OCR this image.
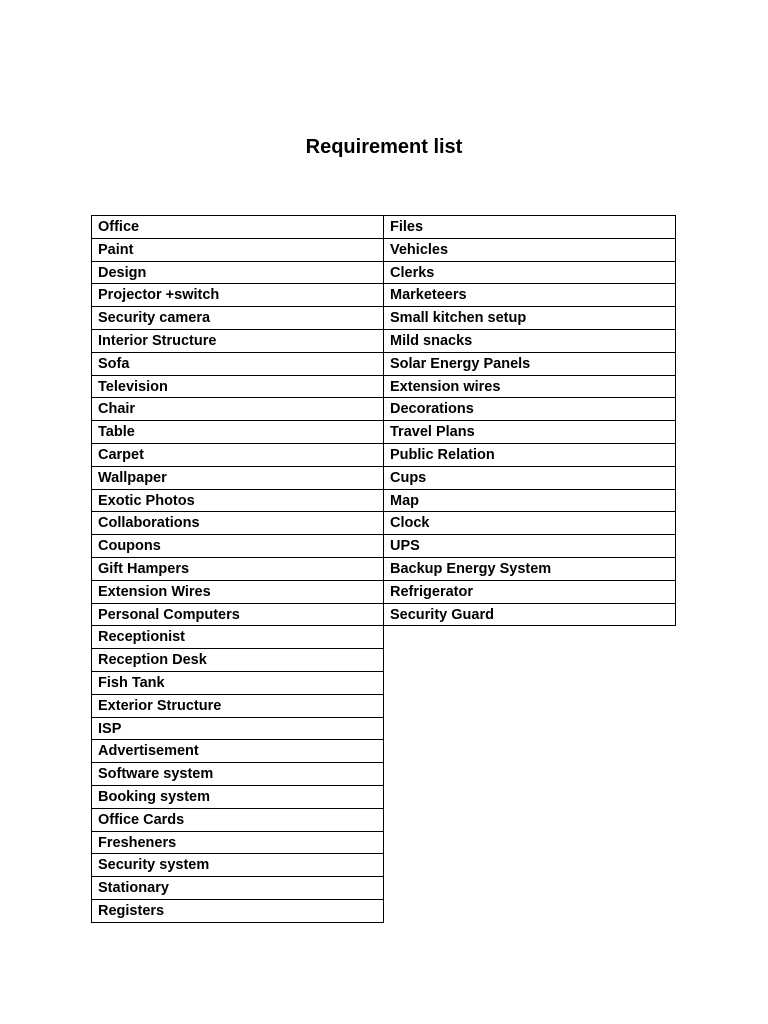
Requirement list
Office	Files
Paint	Vehicles
Design	Clerks
Projector +switch	Marketeers
Security camera	Small kitchen setup
Interior Structure	Mild snacks
Sofa	Solar Energy Panels
Television	Extension wires
Chair	Decorations
Table	Travel Plans
Carpet	Public Relation
Wallpaper	Cups
Exotic Photos	Map
Collaborations	Clock
Coupons	UPS
Gift Hampers	Backup Energy System
Extension Wires	Refrigerator
Personal Computers	Security Guard
Receptionist
Reception Desk
Fish Tank
Exterior Structure
ISP
Advertisement
Software system
Booking system
Office Cards
Fresheners
Security system
Stationary
Registers
